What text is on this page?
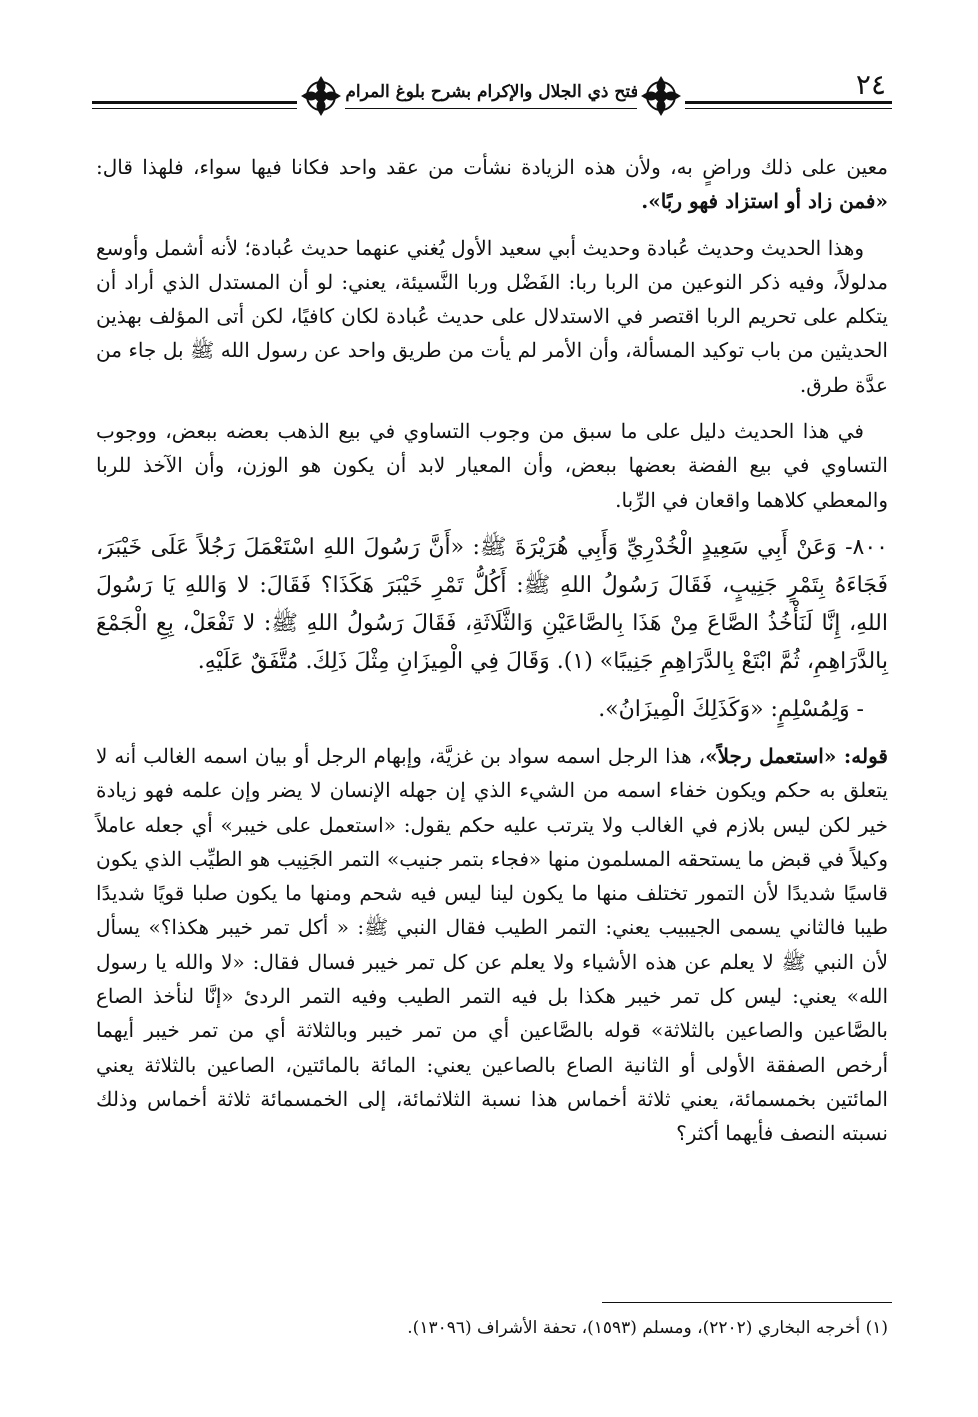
فتح ذي الجلال والإكرام بشرح بلوغ المرام	٢٤

معين على ذلك وراضٍ به، ولأن هذه الزيادة نشأت من عقد واحد فكانا فيها سواء، فلهذا قال: «فمن زاد أو استزاد فهو ربًا».

وهذا الحديث وحديث عُبادة وحديث أبي سعيد الأول يُغني عنهما حديث عُبادة؛ لأنه أشمل وأوسع مدلولاً، وفيه ذكر النوعين من الربا ربا: الفَضْل وربا النَّسيئة، يعني: لو أن المستدل الذي أراد أن يتكلم على تحريم الربا اقتصر في الاستدلال على حديث عُبادة لكان كافيًا، لكن أتى المؤلف بهذين الحديثين من باب توكيد المسألة، وأن الأمر لم يأت من طريق واحد عن رسول الله ﷺ بل جاء من عدَّة طرق.

في هذا الحديث دليل على ما سبق من وجوب التساوي في بيع الذهب بعضه ببعض، ووجوب التساوي في بيع الفضة بعضها ببعض، وأن المعيار لابد أن يكون هو الوزن، وأن الآخذ للربا والمعطي كلاهما واقعان في الرِّبا.

٨٠٠- وَعَنْ أَبِي سَعِيدٍ الْخُدْرِيِّ وَأَبِي هُرَيْرَةَ ﷺ: «أَنَّ رَسُولَ اللهِ اسْتَعْمَلَ رَجُلاً عَلَى خَيْبَرَ، فَجَاءَهُ بِتَمْرٍ جَنِيبٍ، فَقَالَ رَسُولُ اللهِ ﷺ: أَكُلُّ تَمْرِ خَيْبَرَ هَكَذَا؟ فَقَالَ: لا وَاللهِ يَا رَسُولَ اللهِ، إِنَّا لَنَأْخُذُ الصَّاعَ مِنْ هَذَا بِالصَّاعَيْنِ وَالثَّلَاثَةِ، فَقَالَ رَسُولُ اللهِ ﷺ: لا تَفْعَلْ، بِعِ الْجَمْعَ بِالدَّرَاهِمِ، ثُمَّ ابْتَعْ بِالدَّرَاهِمِ جَنِيبًا» (١). وَقَالَ فِي الْمِيزَانِ مِثْلَ ذَلِكَ. مُتَّفَقٌ عَلَيْهِ.

- وَلِمُسْلِمٍ: «وَكَذَلِكَ الْمِيزَانُ».

قوله: «استعمل رجلاً»، هذا الرجل اسمه سواد بن غزيَّة، وإبهام الرجل أو بيان اسمه الغالب أنه لا يتعلق به حكم ويكون خفاء اسمه من الشيء الذي إن جهله الإنسان لا يضر وإن علمه فهو زيادة خير لكن ليس بلازم في الغالب ولا يترتب عليه حكم يقول: «استعمل على خيبر» أي جعله عاملاً وكيلاً في قبض ما يستحقه المسلمون منها «فجاء بتمر جنيب» التمر الجَنِيب هو الطيِّب الذي يكون قاسيًا شديدًا لأن التمور تختلف منها ما يكون لينا ليس فيه شحم ومنها ما يكون صلبا قويًا شديدًا طيبا فالثاني يسمى الجيبيب يعني: التمر الطيب فقال النبي ﷺ: « أكل تمر خيبر هكذا؟» يسأل لأن النبي ﷺ لا يعلم عن هذه الأشياء ولا يعلم عن كل تمر خيبر فسال فقال: «لا والله يا رسول الله» يعني: ليس كل تمر خيبر هكذا بل فيه التمر الطيب وفيه التمر الردئ «إنَّا لنأخذ الصاع بالصَّاعين والصاعين بالثلاثة» قوله بالصَّاعين أي من تمر خيبر وبالثلاثة أي من تمر خيبر أيهما أرخص الصفقة الأولى أو الثانية الصاع بالصاعين يعني: المائة بالمائتين، الصاعين بالثلاثة يعني المائتين بخمسمائة، يعني ثلاثة أخماس هذا نسبة الثلاثمائة، إلى الخمسمائة ثلاثة أخماس وذلك نسبته النصف فأيهما أكثر؟

(١) أخرجه البخاري (٢٢٠٢)، ومسلم (١٥٩٣)، تحفة الأشراف (١٣٠٩٦).
